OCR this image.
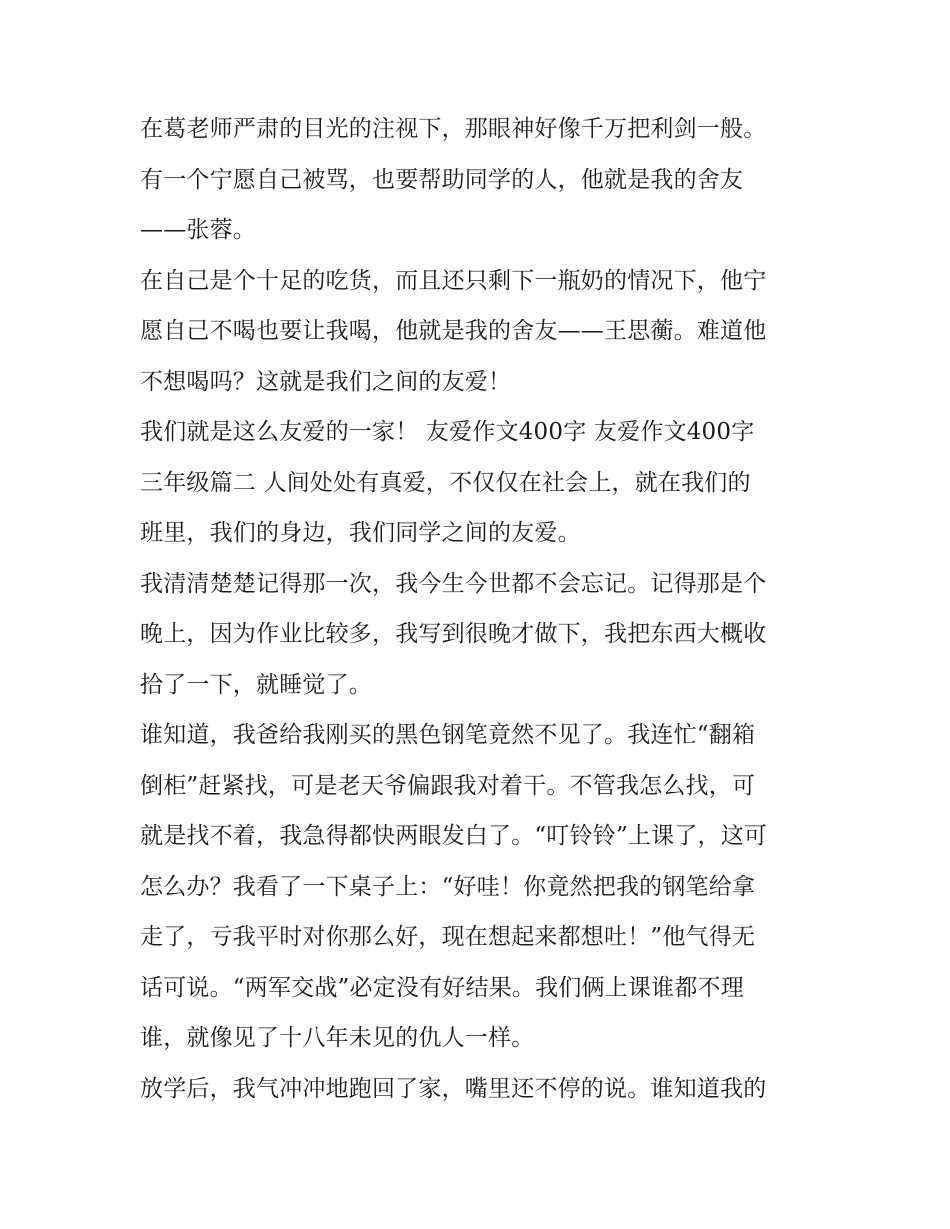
在葛老师严肃的目光的注视下，那眼神好像千万把利剑一般。
有一个宁愿自己被骂，也要帮助同学的人，他就是我的舍友
——张蓉。
在自己是个十足的吃货，而且还只剩下一瓶奶的情况下，他宁
愿自己不喝也要让我喝，他就是我的舍友——王思蘅。难道他
不想喝吗？这就是我们之间的友爱！
我们就是这么友爱的一家！ 友爱作文400字 友爱作文400字
三年级篇二 人间处处有真爱，不仅仅在社会上，就在我们的
班里，我们的身边，我们同学之间的友爱。
我清清楚楚记得那一次，我今生今世都不会忘记。记得那是个
晚上，因为作业比较多，我写到很晚才做下，我把东西大概收
拾了一下，就睡觉了。
谁知道，我爸给我刚买的黑色钢笔竟然不见了。我连忙“翻箱
倒柜”赶紧找，可是老天爷偏跟我对着干。不管我怎么找，可
就是找不着，我急得都快两眼发白了。“叮铃铃”上课了，这可
怎么办？我看了一下桌子上：“好哇！你竟然把我的钢笔给拿
走了，亏我平时对你那么好，现在想起来都想吐！”他气得无
话可说。“两军交战”必定没有好结果。我们俩上课谁都不理
谁，就像见了十八年未见的仇人一样。
放学后，我气冲冲地跑回了家，嘴里还不停的说。谁知道我的
